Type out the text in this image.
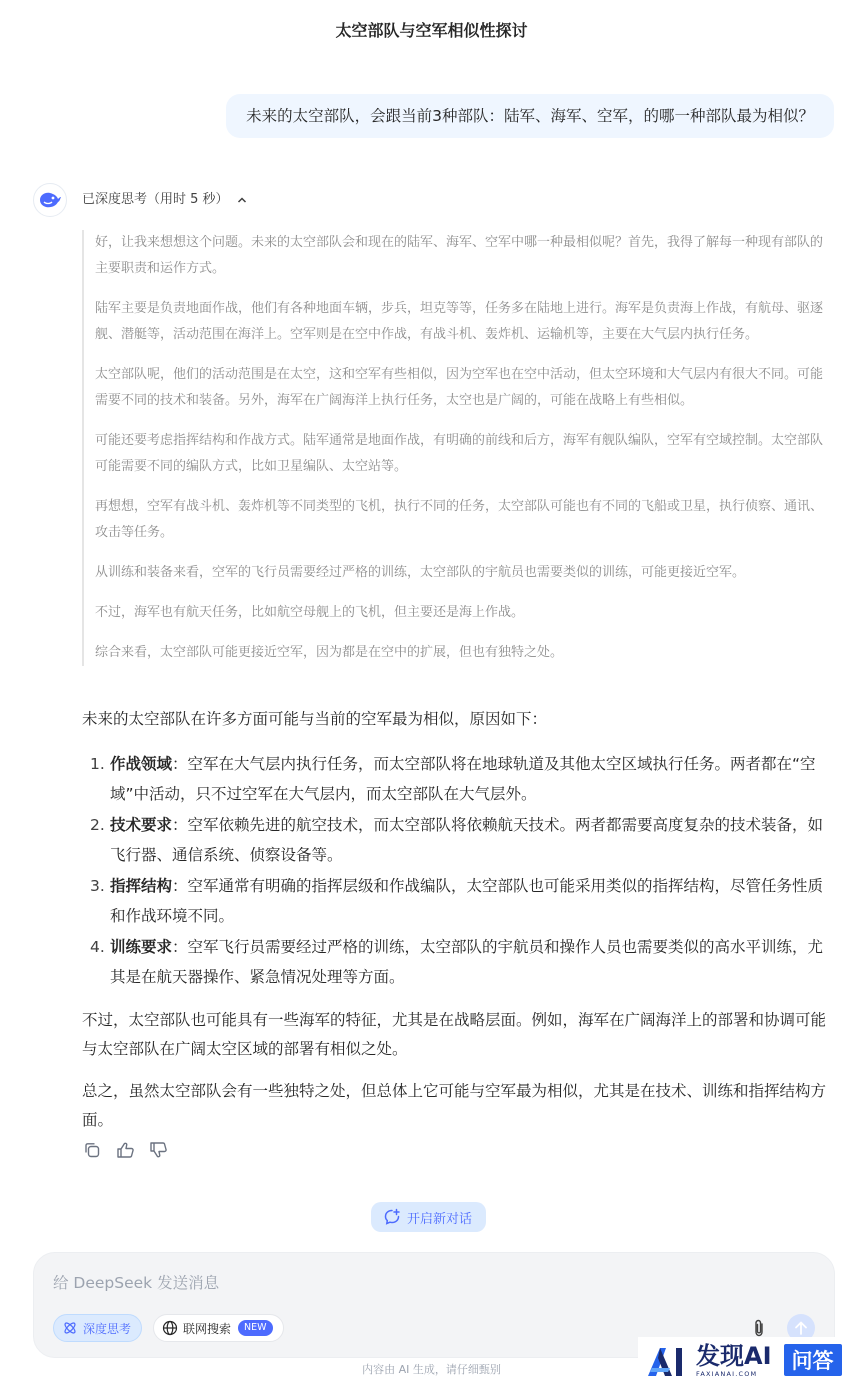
太空部队与空军相似性探讨
未来的太空部队，会跟当前3种部队：陆军、海军、空军，的哪一种部队最为相似？
已深度思考（用时 5 秒）

好，让我来想想这个问题。未来的太空部队会和现在的陆军、海军、空军中哪一种最相似呢？首先，我得了解每一种现有部队的主要职责和运作方式。

陆军主要是负责地面作战，他们有各种地面车辆，步兵，坦克等等，任务多在陆地上进行。海军是负责海上作战，有航母、驱逐舰、潜艇等，活动范围在海洋上。空军则是在空中作战，有战斗机、轰炸机、运输机等，主要在大气层内执行任务。

太空部队呢，他们的活动范围是在太空，这和空军有些相似，因为空军也在空中活动，但太空环境和大气层内有很大不同。可能需要不同的技术和装备。另外，海军在广阔海洋上执行任务，太空也是广阔的，可能在战略上有些相似。

可能还要考虑指挥结构和作战方式。陆军通常是地面作战，有明确的前线和后方，海军有舰队编队，空军有空域控制。太空部队可能需要不同的编队方式，比如卫星编队、太空站等。

再想想，空军有战斗机、轰炸机等不同类型的飞机，执行不同的任务，太空部队可能也有不同的飞船或卫星，执行侦察、通讯、攻击等任务。

从训练和装备来看，空军的飞行员需要经过严格的训练，太空部队的宇航员也需要类似的训练，可能更接近空军。

不过，海军也有航天任务，比如航空母舰上的飞机，但主要还是海上作战。

综合来看，太空部队可能更接近空军，因为都是在空中的扩展，但也有独特之处。

未来的太空部队在许多方面可能与当前的空军最为相似，原因如下：
1. 作战领域：空军在大气层内执行任务，而太空部队将在地球轨道及其他太空区域执行任务。两者都在“空域”中活动，只不过空军在大气层内，而太空部队在大气层外。
2. 技术要求：空军依赖先进的航空技术，而太空部队将依赖航天技术。两者都需要高度复杂的技术装备，如飞行器、通信系统、侦察设备等。
3. 指挥结构：空军通常有明确的指挥层级和作战编队，太空部队也可能采用类似的指挥结构，尽管任务性质和作战环境不同。
4. 训练要求：空军飞行员需要经过严格的训练，太空部队的宇航员和操作人员也需要类似的高水平训练，尤其是在航天器操作、紧急情况处理等方面。
不过，太空部队也可能具有一些海军的特征，尤其是在战略层面。例如，海军在广阔海洋上的部署和协调可能与太空部队在广阔太空区域的部署有相似之处。
总之，虽然太空部队会有一些独特之处，但总体上它可能与空军最为相似，尤其是在技术、训练和指挥结构方面。
开启新对话
给 DeepSeek 发送消息
深度思考	联网搜索	NEW
内容由 AI 生成，请仔细甄别	发现AI
FAXIANAI.COM
问答
